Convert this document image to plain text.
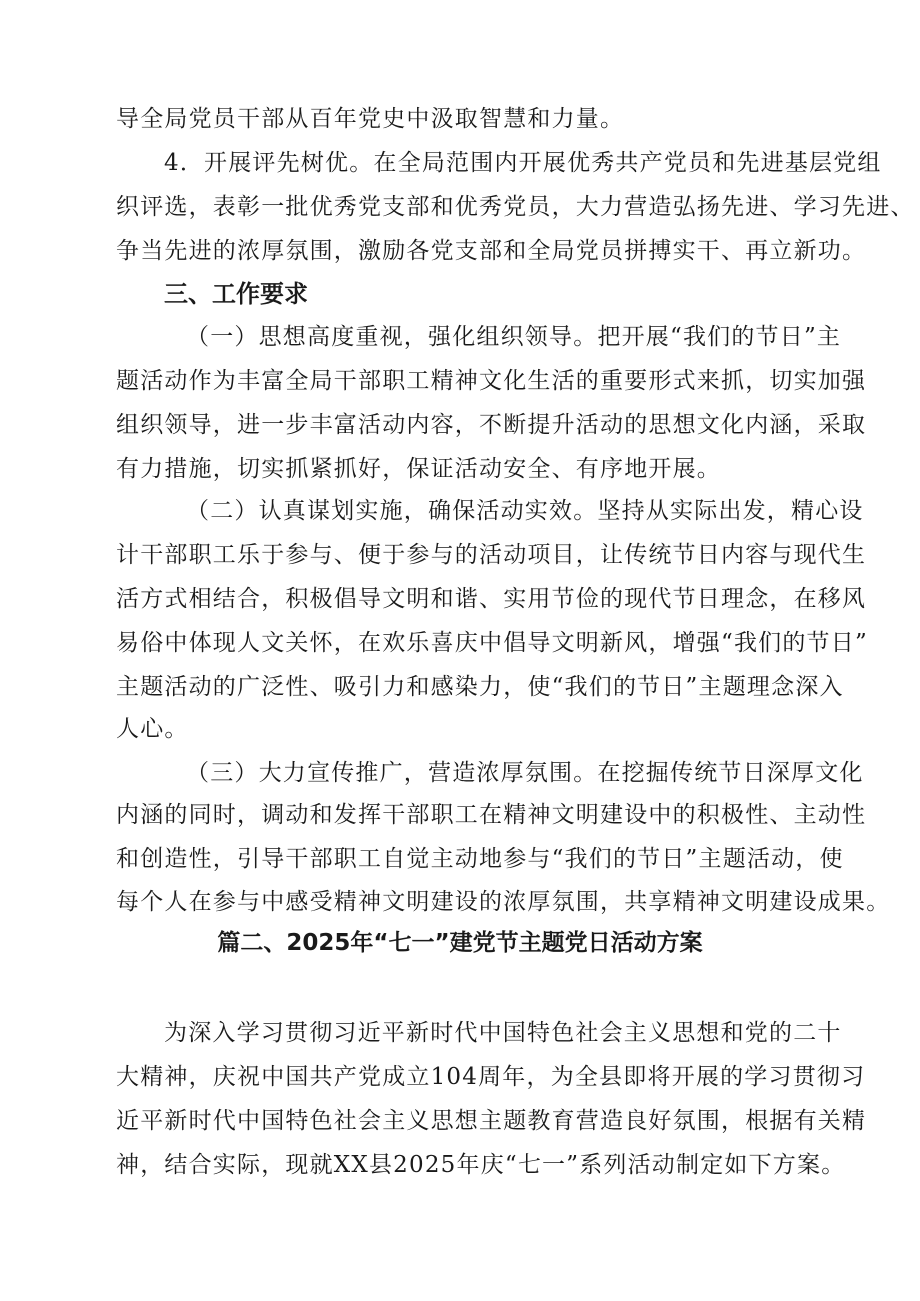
导全局党员干部从百年党史中汲取智慧和力量。
4．开展评先树优。在全局范围内开展优秀共产党员和先进基层党组
织评选，表彰一批优秀党支部和优秀党员，大力营造弘扬先进、学习先进、
争当先进的浓厚氛围，激励各党支部和全局党员拼搏实干、再立新功。
三、工作要求
（一）思想高度重视，强化组织领导。把开展“我们的节日”主
题活动作为丰富全局干部职工精神文化生活的重要形式来抓，切实加强
组织领导，进一步丰富活动内容，不断提升活动的思想文化内涵，采取
有力措施，切实抓紧抓好，保证活动安全、有序地开展。
（二）认真谋划实施，确保活动实效。坚持从实际出发，精心设
计干部职工乐于参与、便于参与的活动项目，让传统节日内容与现代生
活方式相结合，积极倡导文明和谐、实用节俭的现代节日理念，在移风
易俗中体现人文关怀，在欢乐喜庆中倡导文明新风，增强“我们的节日”
主题活动的广泛性、吸引力和感染力，使“我们的节日”主题理念深入
人心。
（三）大力宣传推广，营造浓厚氛围。在挖掘传统节日深厚文化
内涵的同时，调动和发挥干部职工在精神文明建设中的积极性、主动性
和创造性，引导干部职工自觉主动地参与“我们的节日”主题活动，使
每个人在参与中感受精神文明建设的浓厚氛围，共享精神文明建设成果。
篇二、2025年“七一”建党节主题党日活动方案
为深入学习贯彻习近平新时代中国特色社会主义思想和党的二十
大精神，庆祝中国共产党成立104周年，为全县即将开展的学习贯彻习
近平新时代中国特色社会主义思想主题教育营造良好氛围，根据有关精
神，结合实际，现就XX县2025年庆“七一”系列活动制定如下方案。
